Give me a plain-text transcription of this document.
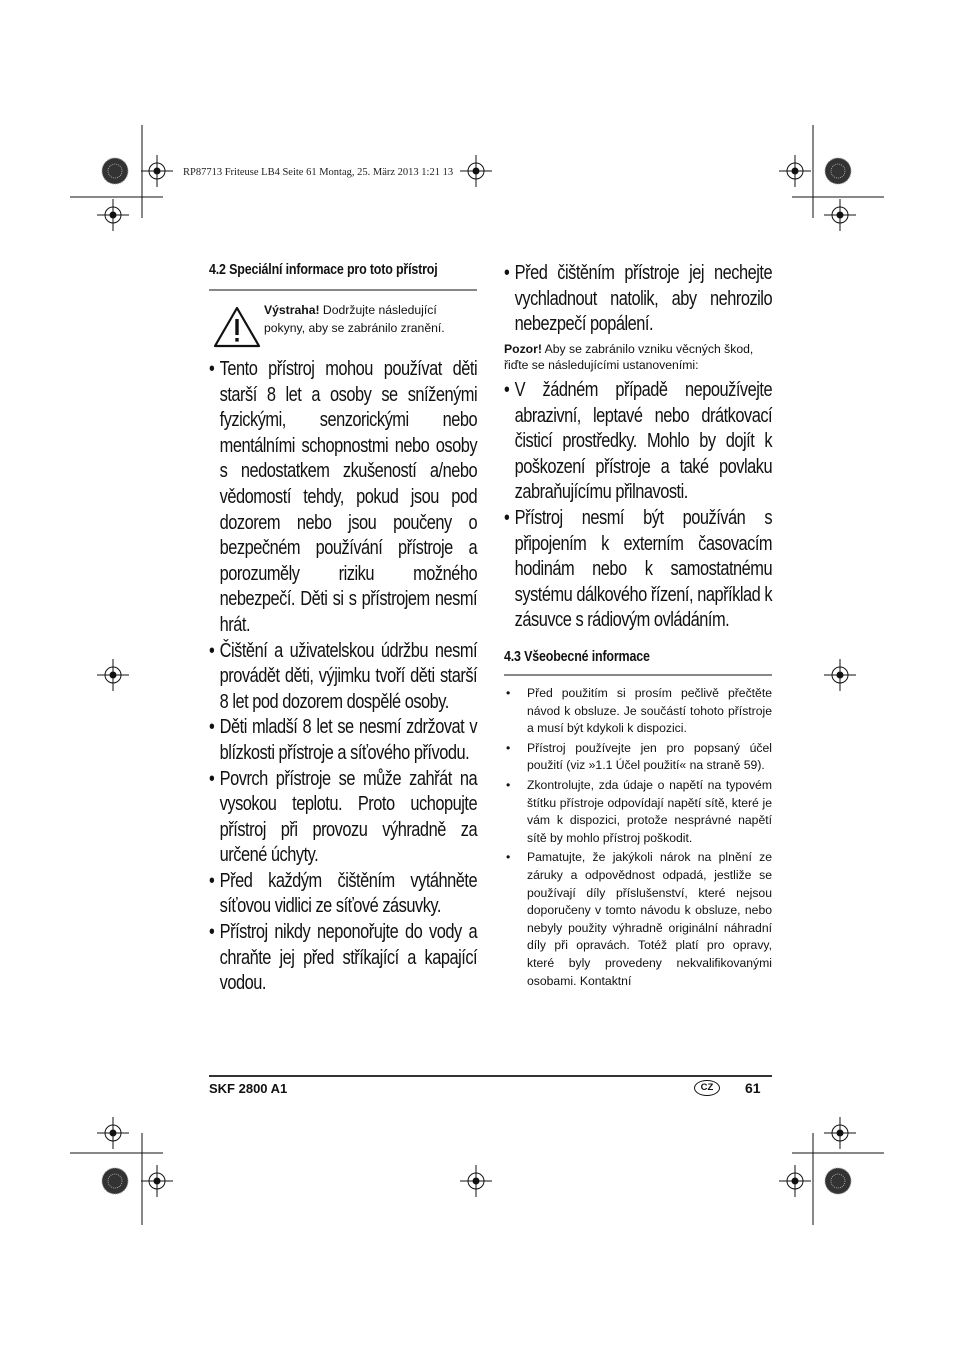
RP87713 Friteuse LB4 Seite 61 Montag, 25. März 2013 1:21 13
4.2 Speciální informace pro toto přístroj
Výstraha! Dodržujte následující pokyny, aby se zabránilo zranění.
• Tento přístroj mohou používat děti starší 8 let a osoby se sníženými fyzickými, senzorickými nebo mentálními schopnostmi nebo osoby s nedostatkem zkušeností a/nebo vědomostí tehdy, pokud jsou pod dozorem nebo jsou poučeny o bezpečném používání přístroje a porozuměly riziku možného nebezpečí. Děti si s přístrojem nesmí hrát.
• Čištění a uživatelskou údržbu nesmí provádět děti, výjimku tvoří děti starší 8 let pod dozorem dospělé osoby.
• Děti mladší 8 let se nesmí zdržovat v blízkosti přístroje a síťového přívodu.
• Povrch přístroje se může zahřát na vysokou teplotu. Proto uchopujte přístroj při provozu výhradně za určené úchyty.
• Před každým čištěním vytáhněte síťovou vidlici ze síťové zásuvky.
• Přístroj nikdy neponořujte do vody a chraňte jej před stříkající a kapající vodou.
• Před čištěním přístroje jej nechejte vychladnout natolik, aby nehrozilo nebezpečí popálení.
Pozor! Aby se zabránilo vzniku věcných škod, řiďte se následujícími ustanoveními:
• V žádném případě nepoužívejte abrazivní, leptavé nebo drátkovací čisticí prostředky. Mohlo by dojít k poškození přístroje a také povlaku zabraňujícímu přilnavosti.
• Přístroj nesmí být používán s připojením k externím časovacím hodinám nebo k samostatnému systému dálkového řízení, například k zásuvce s rádiovým ovládáním.
4.3 Všeobecné informace
• Před použitím si prosím pečlivě přečtěte návod k obsluze. Je součástí tohoto přístroje a musí být kdykoli k dispozici.
• Přístroj používejte jen pro popsaný účel použití (viz »1.1 Účel použití« na straně 59).
• Zkontrolujte, zda údaje o napětí na typovém štítku přístroje odpovídají napětí sítě, které je vám k dispozici, protože nesprávné napětí sítě by mohlo přístroj poškodit.
• Pamatujte, že jakýkoli nárok na plnění ze záruky a odpovědnost odpadá, jestliže se používají díly příslušenství, které nejsou doporučeny v tomto návodu k obsluze, nebo nebyly použity výhradně originální náhradní díly při opravách. Totéž platí pro opravy, které byly provedeny nekvalifikovanými osobami. Kontaktní
SKF 2800 A1	CZ	61
